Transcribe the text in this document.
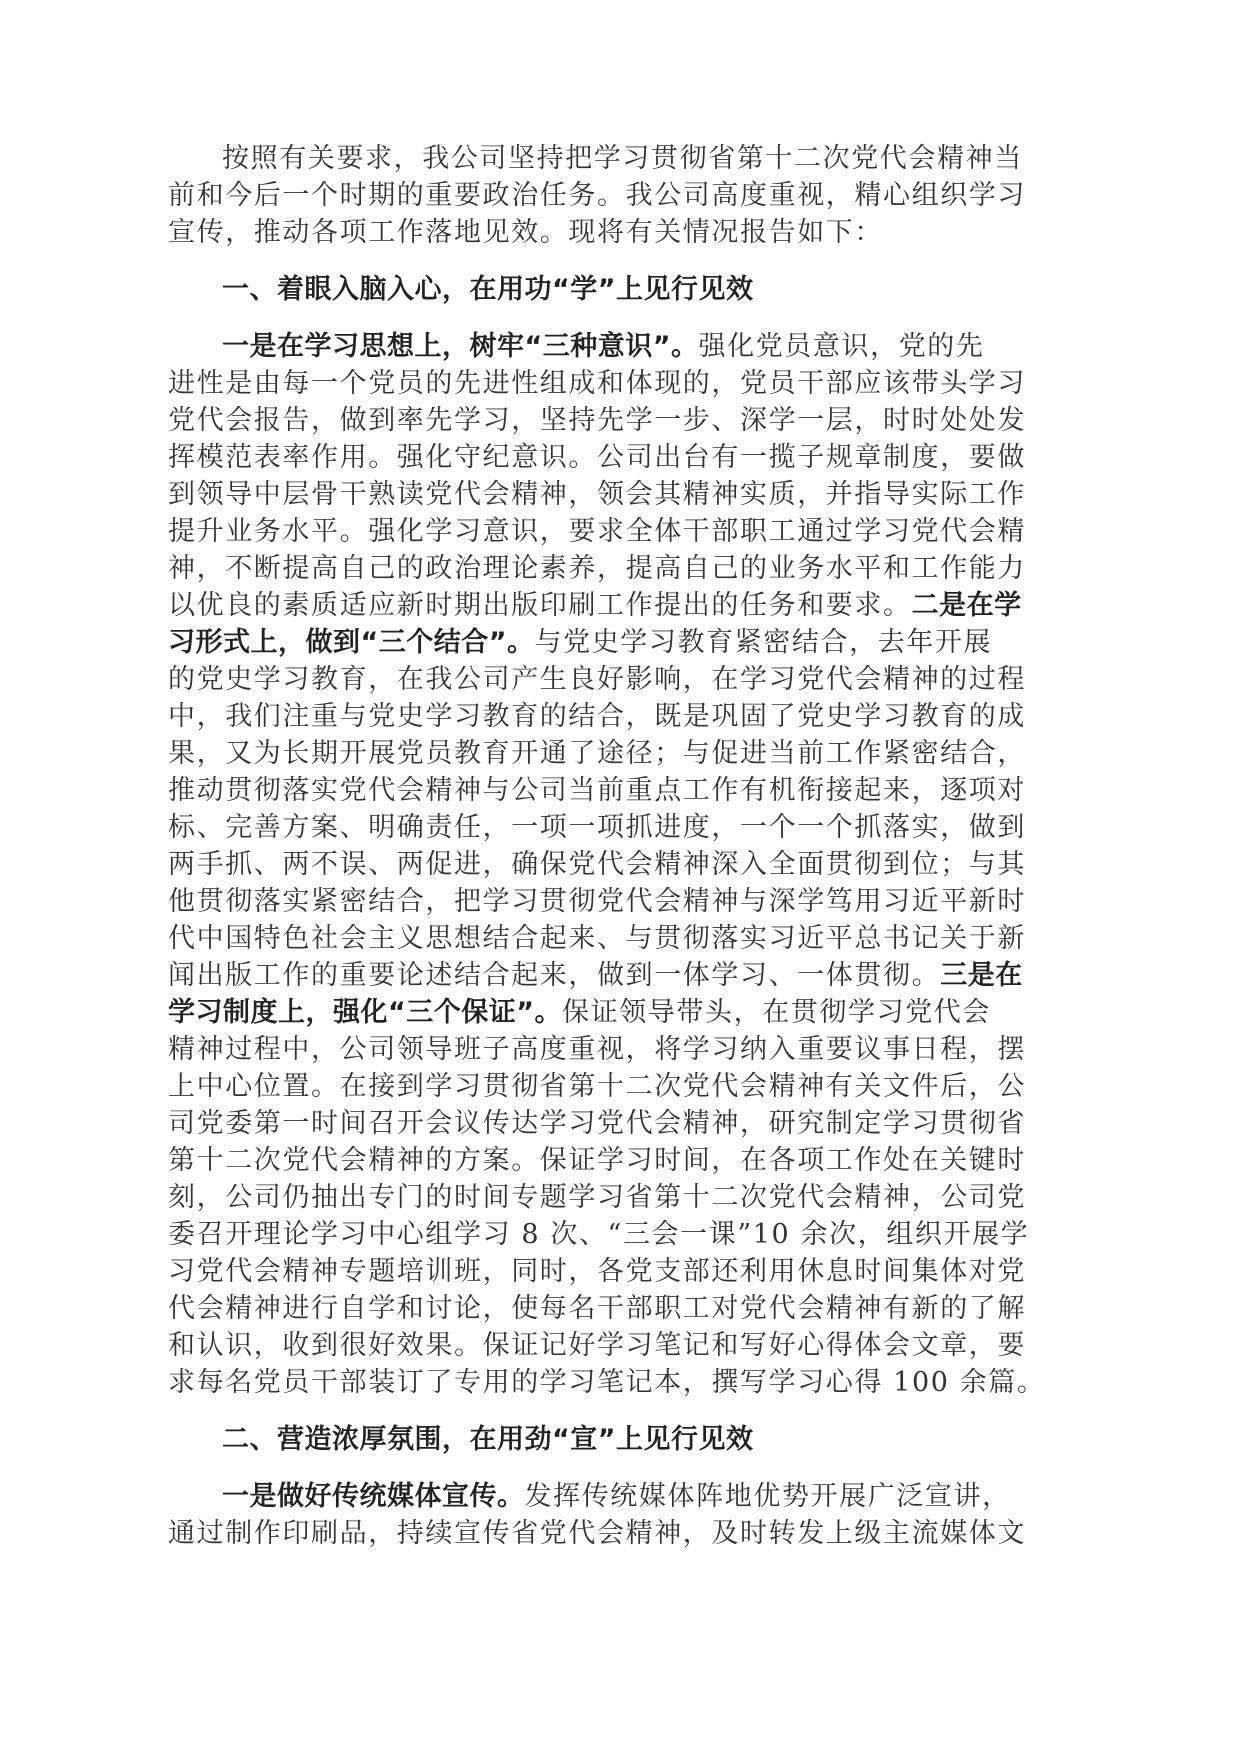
按照有关要求，我公司坚持把学习贯彻省第十二次党代会精神当
前和今后一个时期的重要政治任务。我公司高度重视，精心组织学习
宣传，推动各项工作落地见效。现将有关情况报告如下：
一、着眼入脑入心，在用功“学”上见行见效
一是在学习思想上，树牢“三种意识”。强化党员意识，党的先
进性是由每一个党员的先进性组成和体现的，党员干部应该带头学习
党代会报告，做到率先学习，坚持先学一步、深学一层，时时处处发
挥模范表率作用。强化守纪意识。公司出台有一揽子规章制度，要做
到领导中层骨干熟读党代会精神，领会其精神实质，并指导实际工作
提升业务水平。强化学习意识，要求全体干部职工通过学习党代会精
神，不断提高自己的政治理论素养，提高自己的业务水平和工作能力
以优良的素质适应新时期出版印刷工作提出的任务和要求。二是在学
习形式上，做到“三个结合”。与党史学习教育紧密结合，去年开展
的党史学习教育，在我公司产生良好影响，在学习党代会精神的过程
中，我们注重与党史学习教育的结合，既是巩固了党史学习教育的成
果，又为长期开展党员教育开通了途径；与促进当前工作紧密结合，
推动贯彻落实党代会精神与公司当前重点工作有机衔接起来，逐项对
标、完善方案、明确责任，一项一项抓进度，一个一个抓落实，做到
两手抓、两不误、两促进，确保党代会精神深入全面贯彻到位；与其
他贯彻落实紧密结合，把学习贯彻党代会精神与深学笃用习近平新时
代中国特色社会主义思想结合起来、与贯彻落实习近平总书记关于新
闻出版工作的重要论述结合起来，做到一体学习、一体贯彻。三是在
学习制度上，强化“三个保证”。保证领导带头，在贯彻学习党代会
精神过程中，公司领导班子高度重视，将学习纳入重要议事日程，摆
上中心位置。在接到学习贯彻省第十二次党代会精神有关文件后，公
司党委第一时间召开会议传达学习党代会精神，研究制定学习贯彻省
第十二次党代会精神的方案。保证学习时间，在各项工作处在关键时
刻，公司仍抽出专门的时间专题学习省第十二次党代会精神，公司党
委召开理论学习中心组学习 8 次、“三会一课”10 余次，组织开展学
习党代会精神专题培训班，同时，各党支部还利用休息时间集体对党
代会精神进行自学和讨论，使每名干部职工对党代会精神有新的了解
和认识，收到很好效果。保证记好学习笔记和写好心得体会文章，要
求每名党员干部装订了专用的学习笔记本，撰写学习心得 100 余篇。
二、营造浓厚氛围，在用劲“宣”上见行见效
一是做好传统媒体宣传。发挥传统媒体阵地优势开展广泛宣讲，
通过制作印刷品，持续宣传省党代会精神，及时转发上级主流媒体文
